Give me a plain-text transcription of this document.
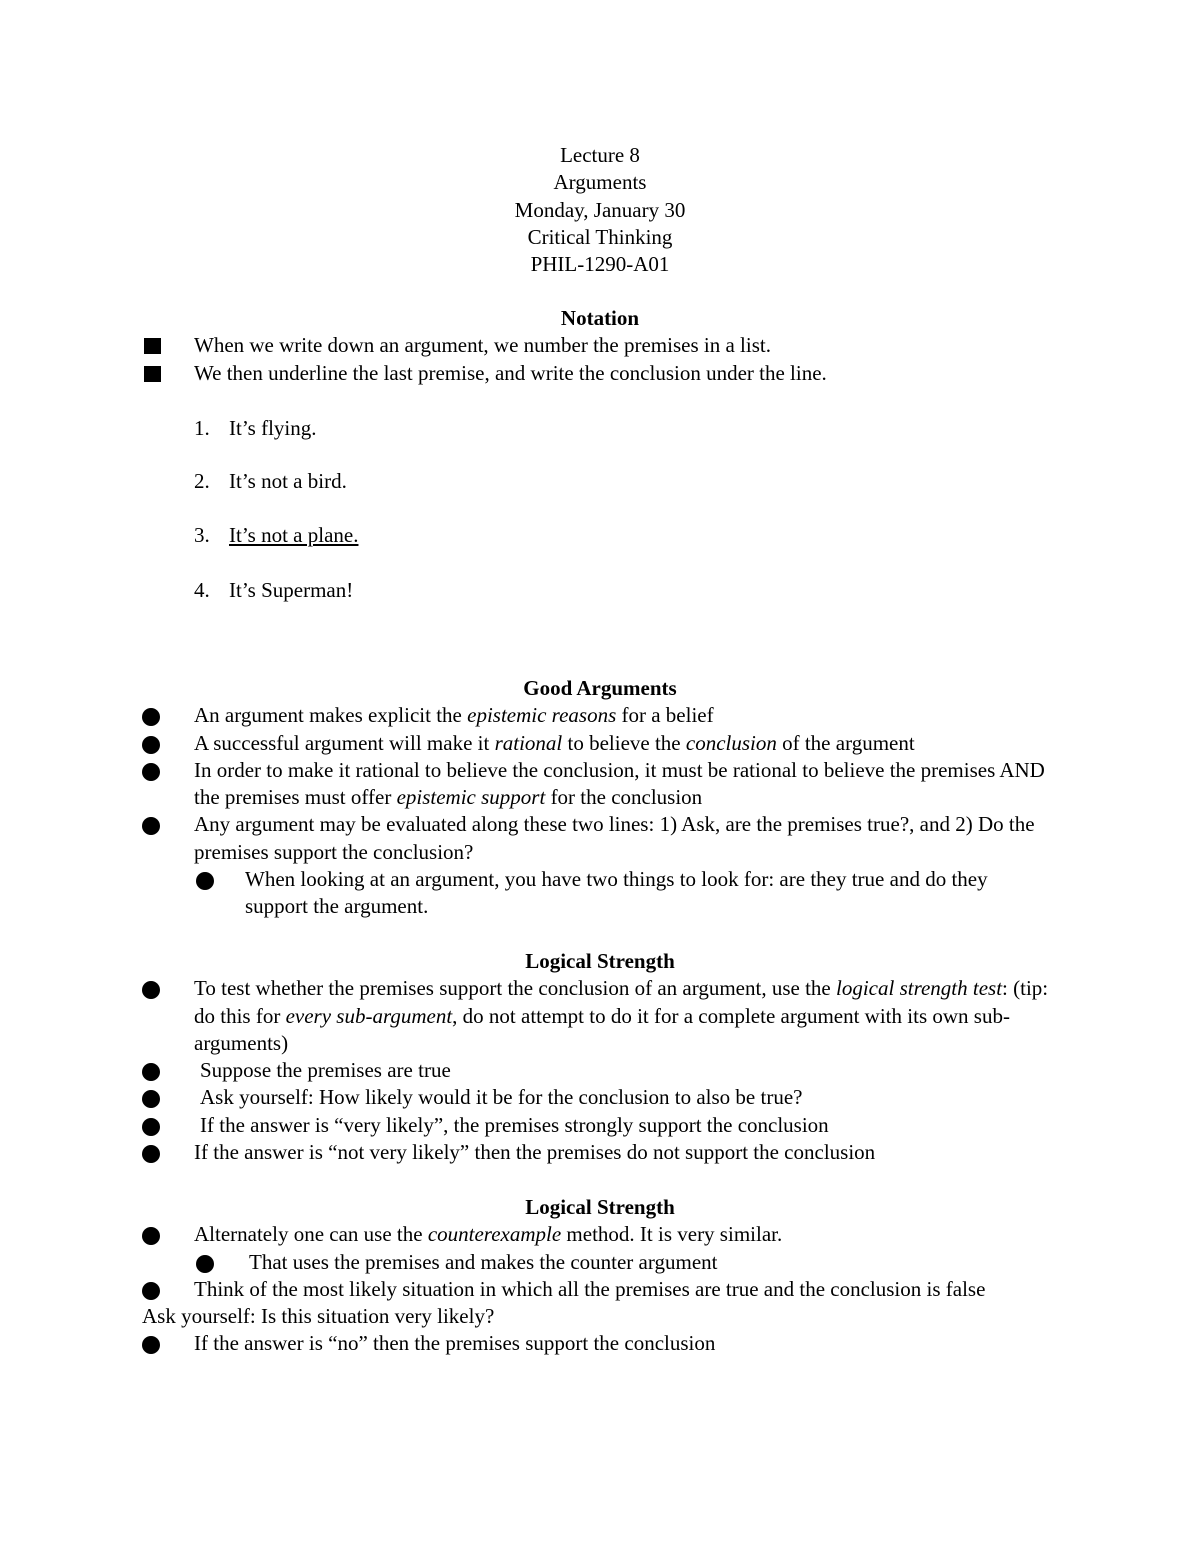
Lecture 8
Arguments
Monday, January 30
Critical Thinking
PHIL-1290-A01
Notation
When we write down an argument, we number the premises in a list.
We then underline the last premise, and write the conclusion under the line.
1. It’s flying.
2. It’s not a bird.
3. It’s not a plane.
4. It’s Superman!
Good Arguments
An argument makes explicit the epistemic reasons for a belief
A successful argument will make it rational to believe the conclusion of the argument
In order to make it rational to believe the conclusion, it must be rational to believe the premises AND the premises must offer epistemic support for the conclusion
Any argument may be evaluated along these two lines: 1) Ask, are the premises true?, and 2) Do the premises support the conclusion?
When looking at an argument, you have two things to look for: are they true and do they support the argument.
Logical Strength
To test whether the premises support the conclusion of an argument, use the logical strength test: (tip: do this for every sub-argument, do not attempt to do it for a complete argument with its own sub-arguments)
Suppose the premises are true
Ask yourself: How likely would it be for the conclusion to also be true?
If the answer is “very likely”, the premises strongly support the conclusion
If the answer is “not very likely” then the premises do not support the conclusion
Logical Strength
Alternately one can use the counterexample method. It is very similar.
That uses the premises and makes the counter argument
Think of the most likely situation in which all the premises are true and the conclusion is false
Ask yourself: Is this situation very likely?
If the answer is “no” then the premises support the conclusion
